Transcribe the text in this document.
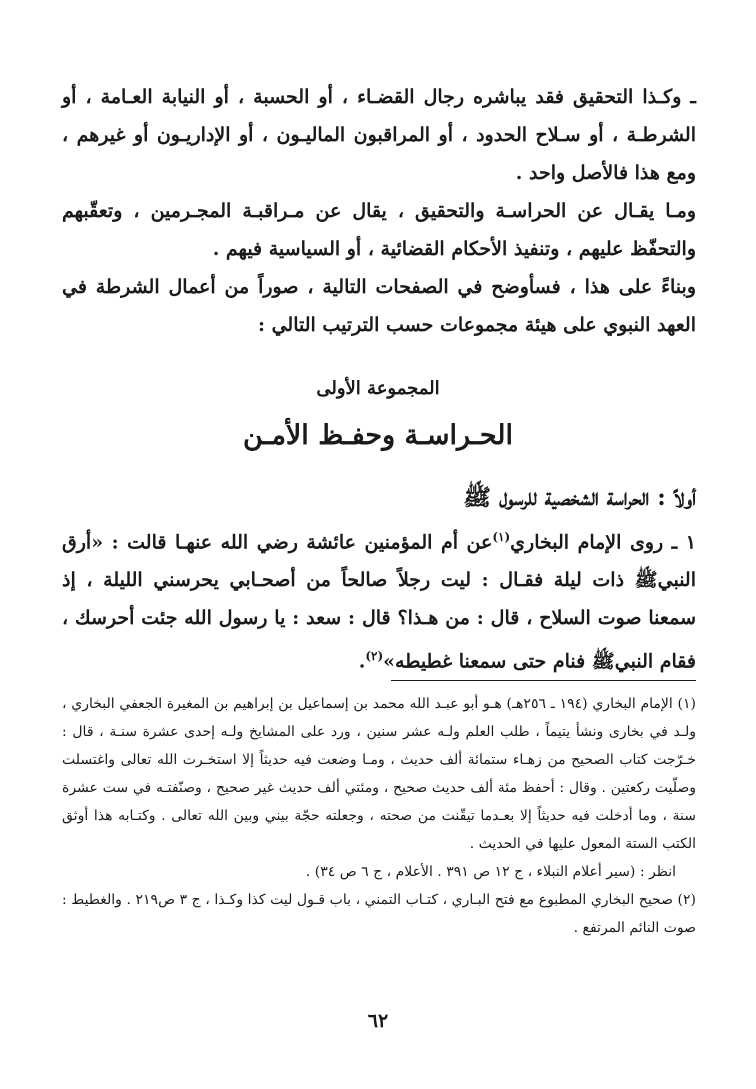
ـ وكـذا التحقيق فقد يباشره رجال القضـاء ، أو الحسبة ، أو النيابة العـامة ، أو الشرطـة ، أو سـلاح الحدود ، أو المراقبون الماليـون ، أو الإداريـون أو غيرهم ، ومع هذا فالأصل واحد .

ومـا يقـال عن الحراسـة والتحقيق ، يقال عن مـراقبـة المجـرمين ، وتعقّبهم والتحفّظ عليهم ، وتنفيذ الأحكام القضائية ، أو السياسية فيهم .

وبناءً على هذا ، فسأوضح في الصفحات التالية ، صوراً من أعمال الشرطة في العهد النبوي على هيئة مجموعات حسب الترتيب التالي :

المجموعة الأولى
الحـراسـة وحفـظ الأمـن
أولاً : الحراسة الشخصية للرسول ﷺ

١ ـ روى الإمام البخاري$^{(١)}$عن أم المؤمنين عائشة رضي الله عنهـا قالت : «أرق النبيﷺ ذات ليلة فقـال : ليت رجلاً صالحاً من أصحـابي يحرسني الليلة ، إذ سمعنا صوت السلاح ، قال : من هـذا؟ قال : سعد : يا رسول الله جئت أحرسك ، فقام النبيﷺ فنام حتى سمعنا غطيطه»$^{(٢)}$.

(١) الإمام البخاري (١٩٤ ـ ٢٥٦هـ) هـو أبو عبـد الله محمد بن إسماعيل بن إبراهيم بن المغيرة الجعفي البخاري ، ولـد في بخارى ونشأ يتيماً ، طلب العلم ولـه عشر سنين ، ورد على المشايخ ولـه إحدى عشرة سنـة ، قال : خـرّجت كتاب الصحيح من زهـاء ستمائة ألف حديث ، ومـا وضعت فيه حديثاً إلا استخـرت الله تعالى واغتسلت وصلّيت ركعتين . وقال : أحفظ مئة ألف حديث صحيح ، ومئتي ألف حديث غير صحيح ، وصنّفتـه في ست عشرة سنة ، وما أدخلت فيه حديثاً إلا بعـدما تيقّنت من صحته ، وجعلته حجّة بيني وبين الله تعالى . وكتـابه هذا أوثق الكتب الستة المعول عليها في الحديث .

انظر : (سير أعلام النبلاء ، ج ١٢ ص ٣٩١ . الأعلام ، ج ٦ ص ٣٤) .

(٢) صحيح البخاري المطبوع مع فتح البـاري ، كتـاب التمني ، باب قـول ليت كذا وكـذا ، ج ٣ ص٢١٩ . والغطيط : صوت النائم المرتفع .

٦٢
